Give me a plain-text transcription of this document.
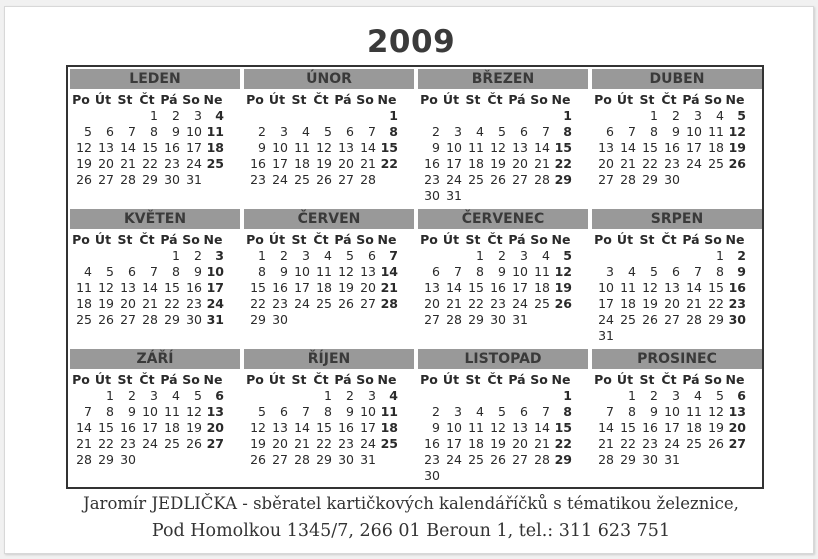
2009
LEDEN
Po	Út	St	Čt	Pá	So	Ne
			1	2	3	4
5	6	7	8	9	10	11
12	13	14	15	16	17	18
19	20	21	22	23	24	25
26	27	28	29	30	31	
ÚNOR
Po	Út	St	Čt	Pá	So	Ne
						1
2	3	4	5	6	7	8
9	10	11	12	13	14	15
16	17	18	19	20	21	22
23	24	25	26	27	28	
BŘEZEN
Po	Út	St	Čt	Pá	So	Ne
						1
2	3	4	5	6	7	8
9	10	11	12	13	14	15
16	17	18	19	20	21	22
23	24	25	26	27	28	29
30	31					
DUBEN
Po	Út	St	Čt	Pá	So	Ne
		1	2	3	4	5
6	7	8	9	10	11	12
13	14	15	16	17	18	19
20	21	22	23	24	25	26
27	28	29	30			
KVĚTEN
Po	Út	St	Čt	Pá	So	Ne
				1	2	3
4	5	6	7	8	9	10
11	12	13	14	15	16	17
18	19	20	21	22	23	24
25	26	27	28	29	30	31
ČERVEN
Po	Út	St	Čt	Pá	So	Ne
1	2	3	4	5	6	7
8	9	10	11	12	13	14
15	16	17	18	19	20	21
22	23	24	25	26	27	28
29	30					
ČERVENEC
Po	Út	St	Čt	Pá	So	Ne
		1	2	3	4	5
6	7	8	9	10	11	12
13	14	15	16	17	18	19
20	21	22	23	24	25	26
27	28	29	30	31		
SRPEN
Po	Út	St	Čt	Pá	So	Ne
					1	2
3	4	5	6	7	8	9
10	11	12	13	14	15	16
17	18	19	20	21	22	23
24	25	26	27	28	29	30
31						
ZÁŘÍ
Po	Út	St	Čt	Pá	So	Ne
	1	2	3	4	5	6
7	8	9	10	11	12	13
14	15	16	17	18	19	20
21	22	23	24	25	26	27
28	29	30				
ŘÍJEN
Po	Út	St	Čt	Pá	So	Ne
			1	2	3	4
5	6	7	8	9	10	11
12	13	14	15	16	17	18
19	20	21	22	23	24	25
26	27	28	29	30	31	
LISTOPAD
Po	Út	St	Čt	Pá	So	Ne
						1
2	3	4	5	6	7	8
9	10	11	12	13	14	15
16	17	18	19	20	21	22
23	24	25	26	27	28	29
30						
PROSINEC
Po	Út	St	Čt	Pá	So	Ne
	1	2	3	4	5	6
7	8	9	10	11	12	13
14	15	16	17	18	19	20
21	22	23	24	25	26	27
28	29	30	31			
Jaromír JEDLIČKA - sběratel kartičkových kalendáříčků s tématikou železnice,
Pod Homolkou 1345/7, 266 01 Beroun 1, tel.: 311 623 751
